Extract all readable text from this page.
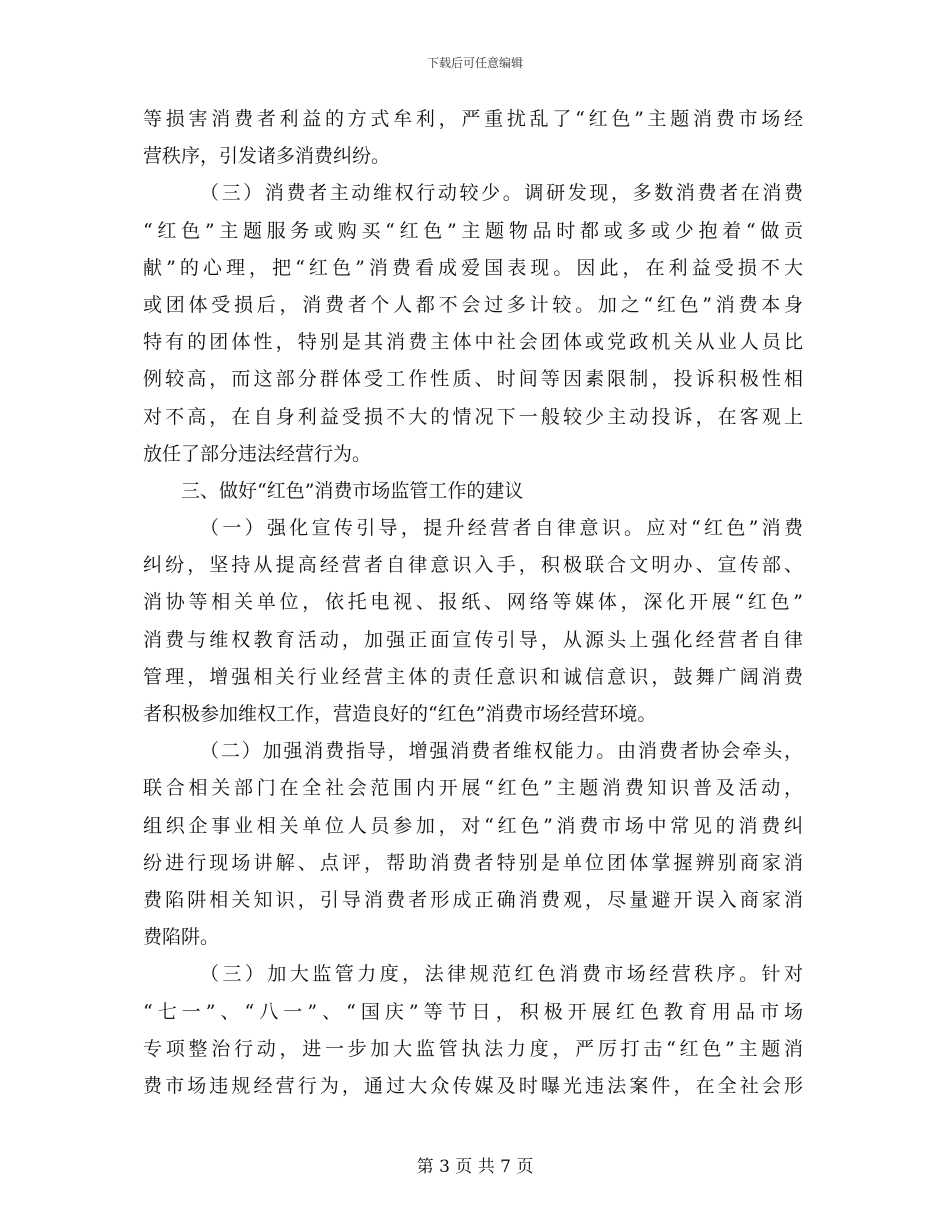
下载后可任意编辑
等损害消费者利益的方式牟利，严重扰乱了“红色”主题消费市场经
营秩序，引发诸多消费纠纷。
（三）消费者主动维权行动较少。调研发现，多数消费者在消费
“红色”主题服务或购买“红色”主题物品时都或多或少抱着“做贡
献”的心理，把“红色”消费看成爱国表现。因此，在利益受损不大
或团体受损后，消费者个人都不会过多计较。加之“红色”消费本身
特有的团体性，特别是其消费主体中社会团体或党政机关从业人员比
例较高，而这部分群体受工作性质、时间等因素限制，投诉积极性相
对不高，在自身利益受损不大的情况下一般较少主动投诉，在客观上
放任了部分违法经营行为。
三、做好“红色”消费市场监管工作的建议
（一）强化宣传引导，提升经营者自律意识。应对“红色”消费
纠纷，坚持从提高经营者自律意识入手，积极联合文明办、宣传部、
消协等相关单位，依托电视、报纸、网络等媒体，深化开展“红色”
消费与维权教育活动，加强正面宣传引导，从源头上强化经营者自律
管理，增强相关行业经营主体的责任意识和诚信意识，鼓舞广阔消费
者积极参加维权工作，营造良好的“红色”消费市场经营环境。
（二）加强消费指导，增强消费者维权能力。由消费者协会牵头，
联合相关部门在全社会范围内开展“红色”主题消费知识普及活动，
组织企事业相关单位人员参加，对“红色”消费市场中常见的消费纠
纷进行现场讲解、点评，帮助消费者特别是单位团体掌握辨别商家消
费陷阱相关知识，引导消费者形成正确消费观，尽量避开误入商家消
费陷阱。
（三）加大监管力度，法律规范红色消费市场经营秩序。针对
“七一”、“八一”、“国庆”等节日，积极开展红色教育用品市场
专项整治行动，进一步加大监管执法力度，严厉打击“红色”主题消
费市场违规经营行为，通过大众传媒及时曝光违法案件，在全社会形
第 3 页 共 7 页
